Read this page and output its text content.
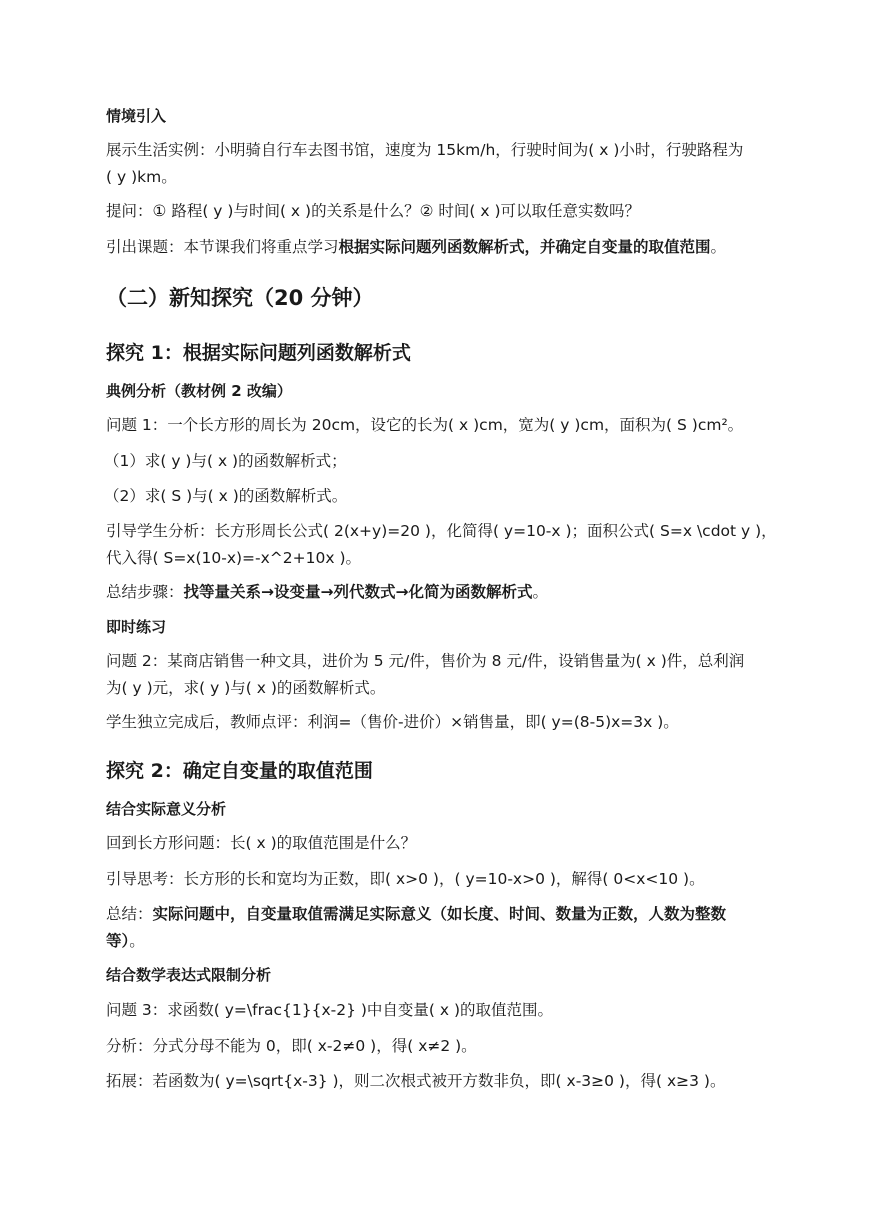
情境引入
展示生活实例：小明骑自行车去图书馆，速度为 15km/h，行驶时间为( x )小时，行驶路程为
( y )km。
提问：① 路程( y )与时间( x )的关系是什么？② 时间( x )可以取任意实数吗？
引出课题：本节课我们将重点学习根据实际问题列函数解析式，并确定自变量的取值范围。
（二）新知探究（20 分钟）
探究 1：根据实际问题列函数解析式
典例分析（教材例 2 改编）
问题 1：一个长方形的周长为 20cm，设它的长为( x )cm，宽为( y )cm，面积为( S )cm²。
（1）求( y )与( x )的函数解析式；
（2）求( S )与( x )的函数解析式。
引导学生分析：长方形周长公式( 2(x+y)=20 )，化简得( y=10-x )；面积公式( S=x \cdot y )，
代入得( S=x(10-x)=-x^2+10x )。
总结步骤：找等量关系→设变量→列代数式→化简为函数解析式。
即时练习
问题 2：某商店销售一种文具，进价为 5 元/件，售价为 8 元/件，设销售量为( x )件，总利润
为( y )元，求( y )与( x )的函数解析式。
学生独立完成后，教师点评：利润=（售价-进价）×销售量，即( y=(8-5)x=3x )。
探究 2：确定自变量的取值范围
结合实际意义分析
回到长方形问题：长( x )的取值范围是什么？
引导思考：长方形的长和宽均为正数，即( x>0 )，( y=10-x>0 )，解得( 0<x<10 )。
总结：实际问题中，自变量取值需满足实际意义（如长度、时间、数量为正数，人数为整数
等）。
结合数学表达式限制分析
问题 3：求函数( y=\frac{1}{x-2} )中自变量( x )的取值范围。
分析：分式分母不能为 0，即( x-2≠0 )，得( x≠2 )。
拓展：若函数为( y=\sqrt{x-3} )，则二次根式被开方数非负，即( x-3≥0 )，得( x≥3 )。
